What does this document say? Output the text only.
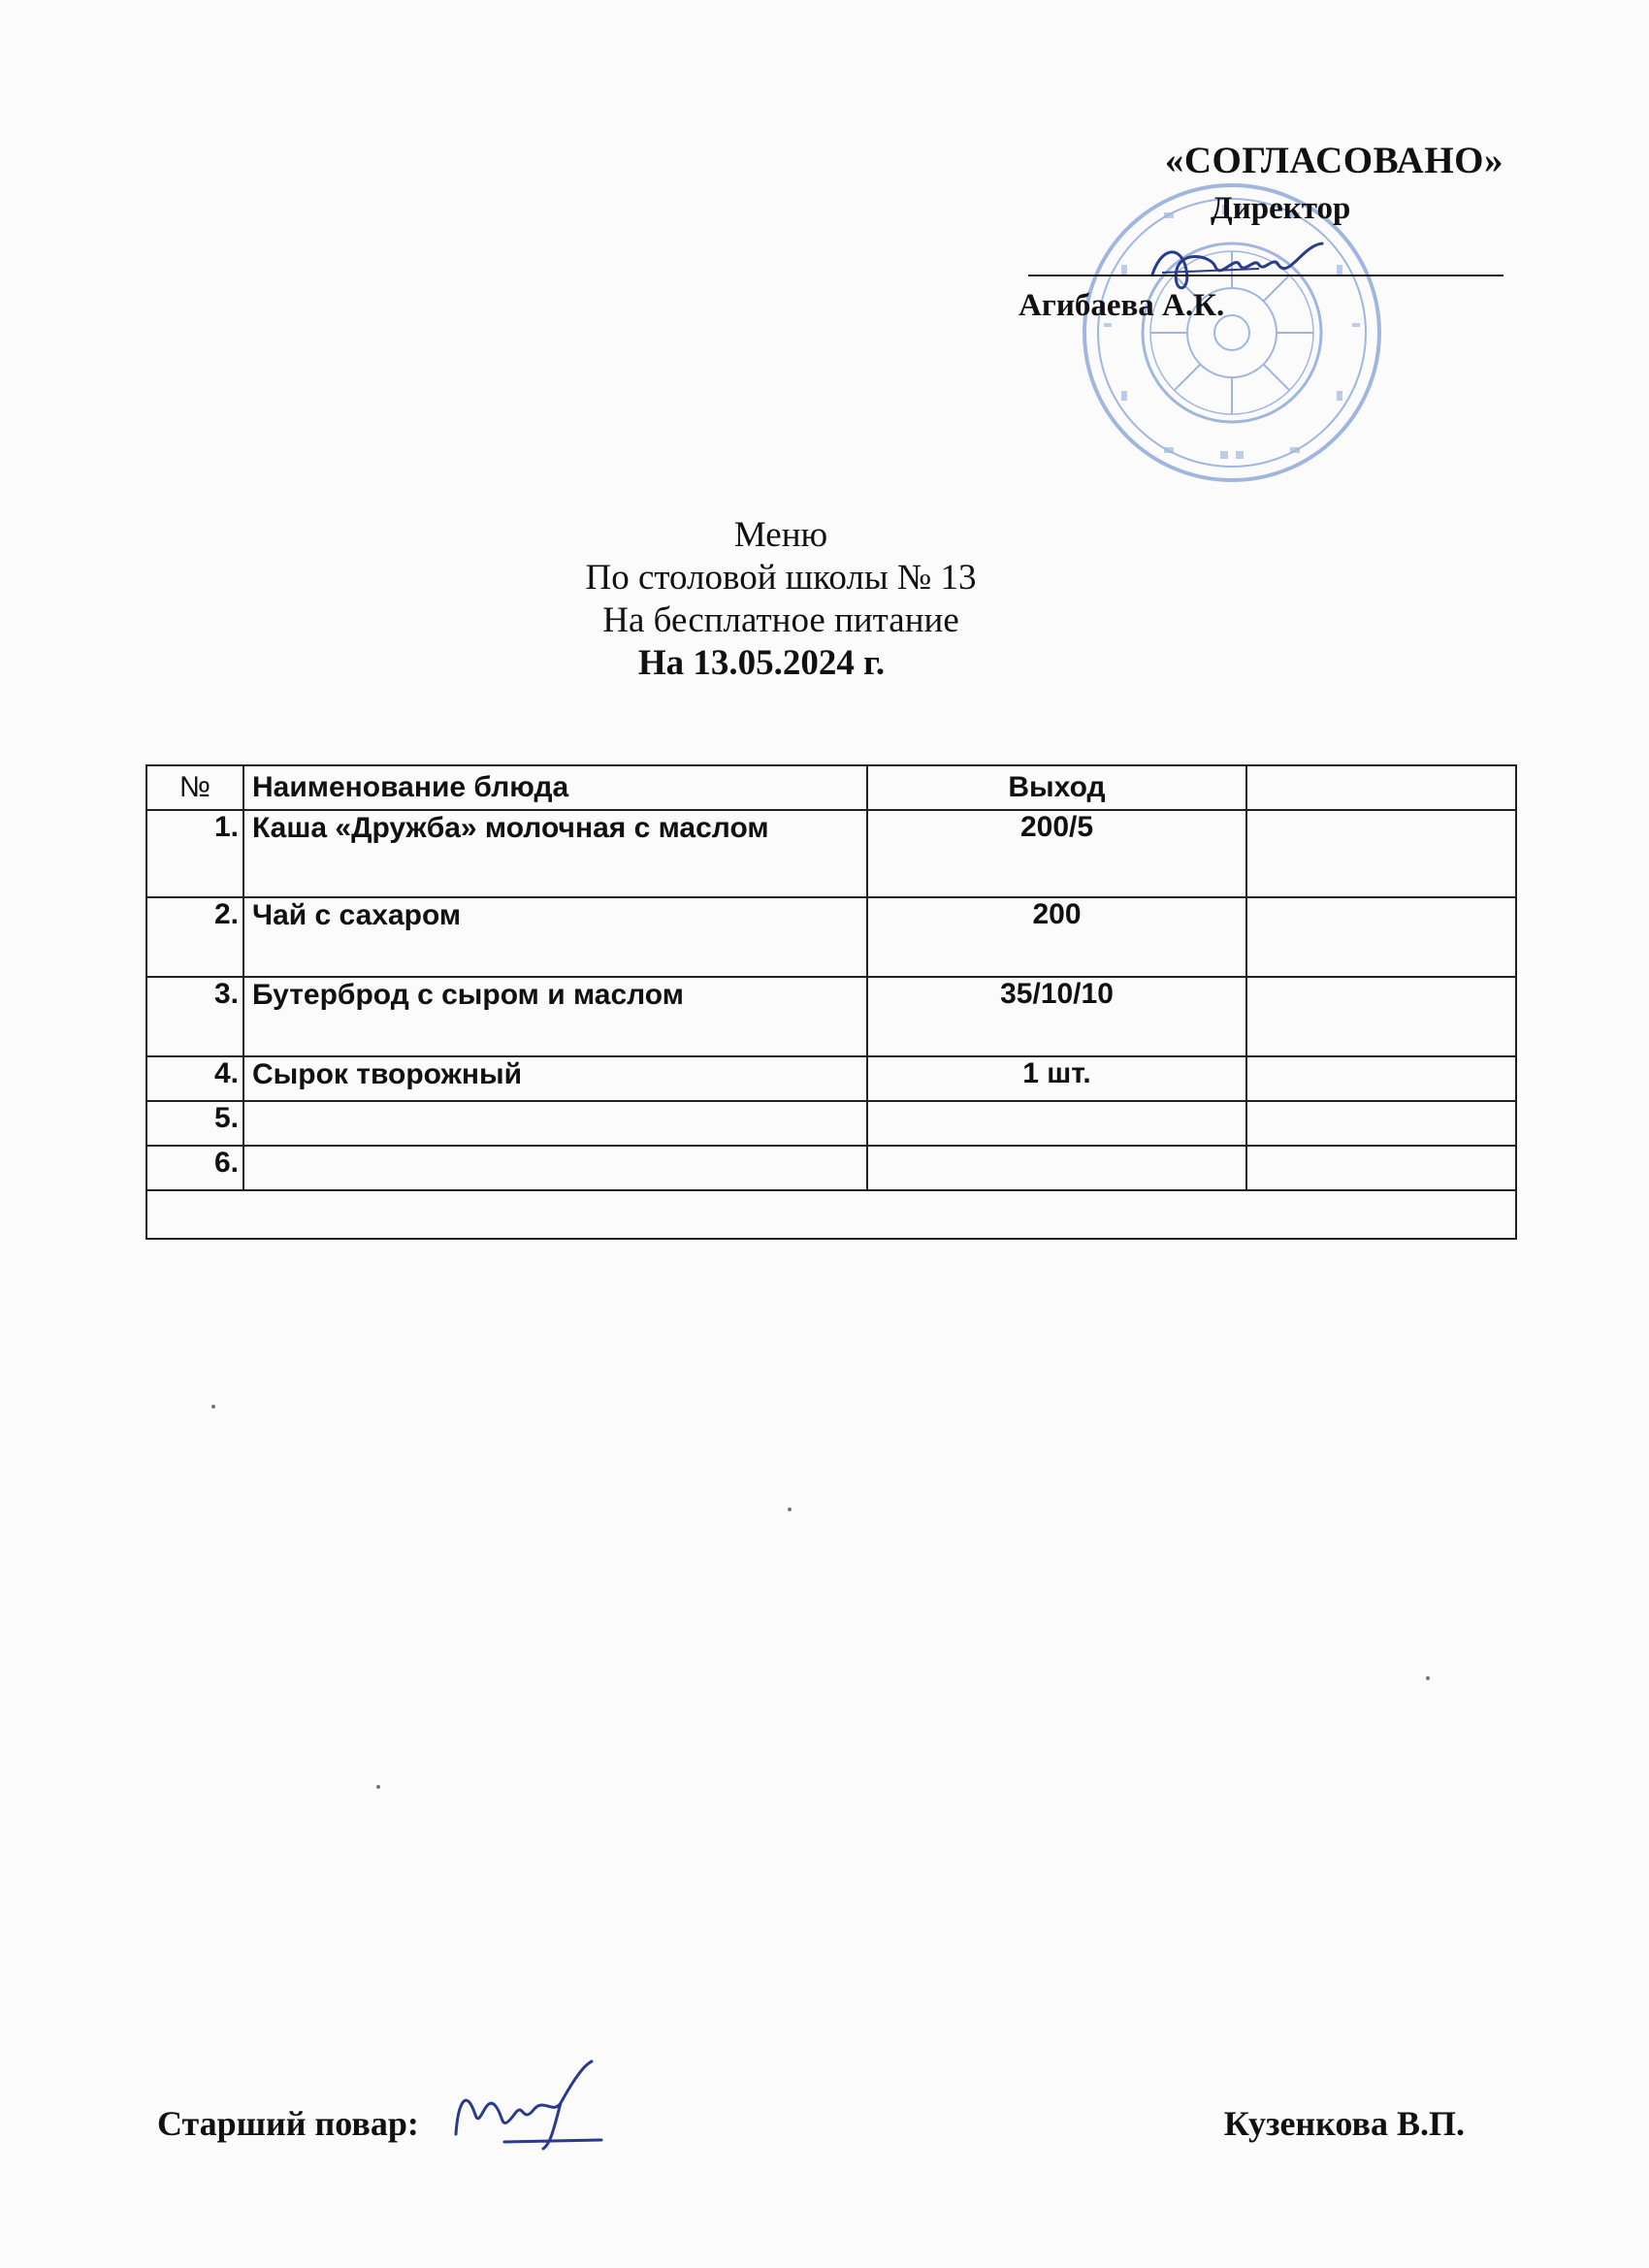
«СОГЛАСОВАНО»
Директор
Агибаева А.К.
Меню
По столовой школы № 13
На бесплатное питание
На 13.05.2024 г.
№	Наименование блюда	Выход	
1.	Каша «Дружба» молочная с маслом	200/5	
2.	Чай с сахаром	200	
3.	Бутерброд с сыром и маслом	35/10/10	
4.	Сырок творожный	1 шт.	
5.			
6.			

Старший повар:	Кузенкова В.П.
